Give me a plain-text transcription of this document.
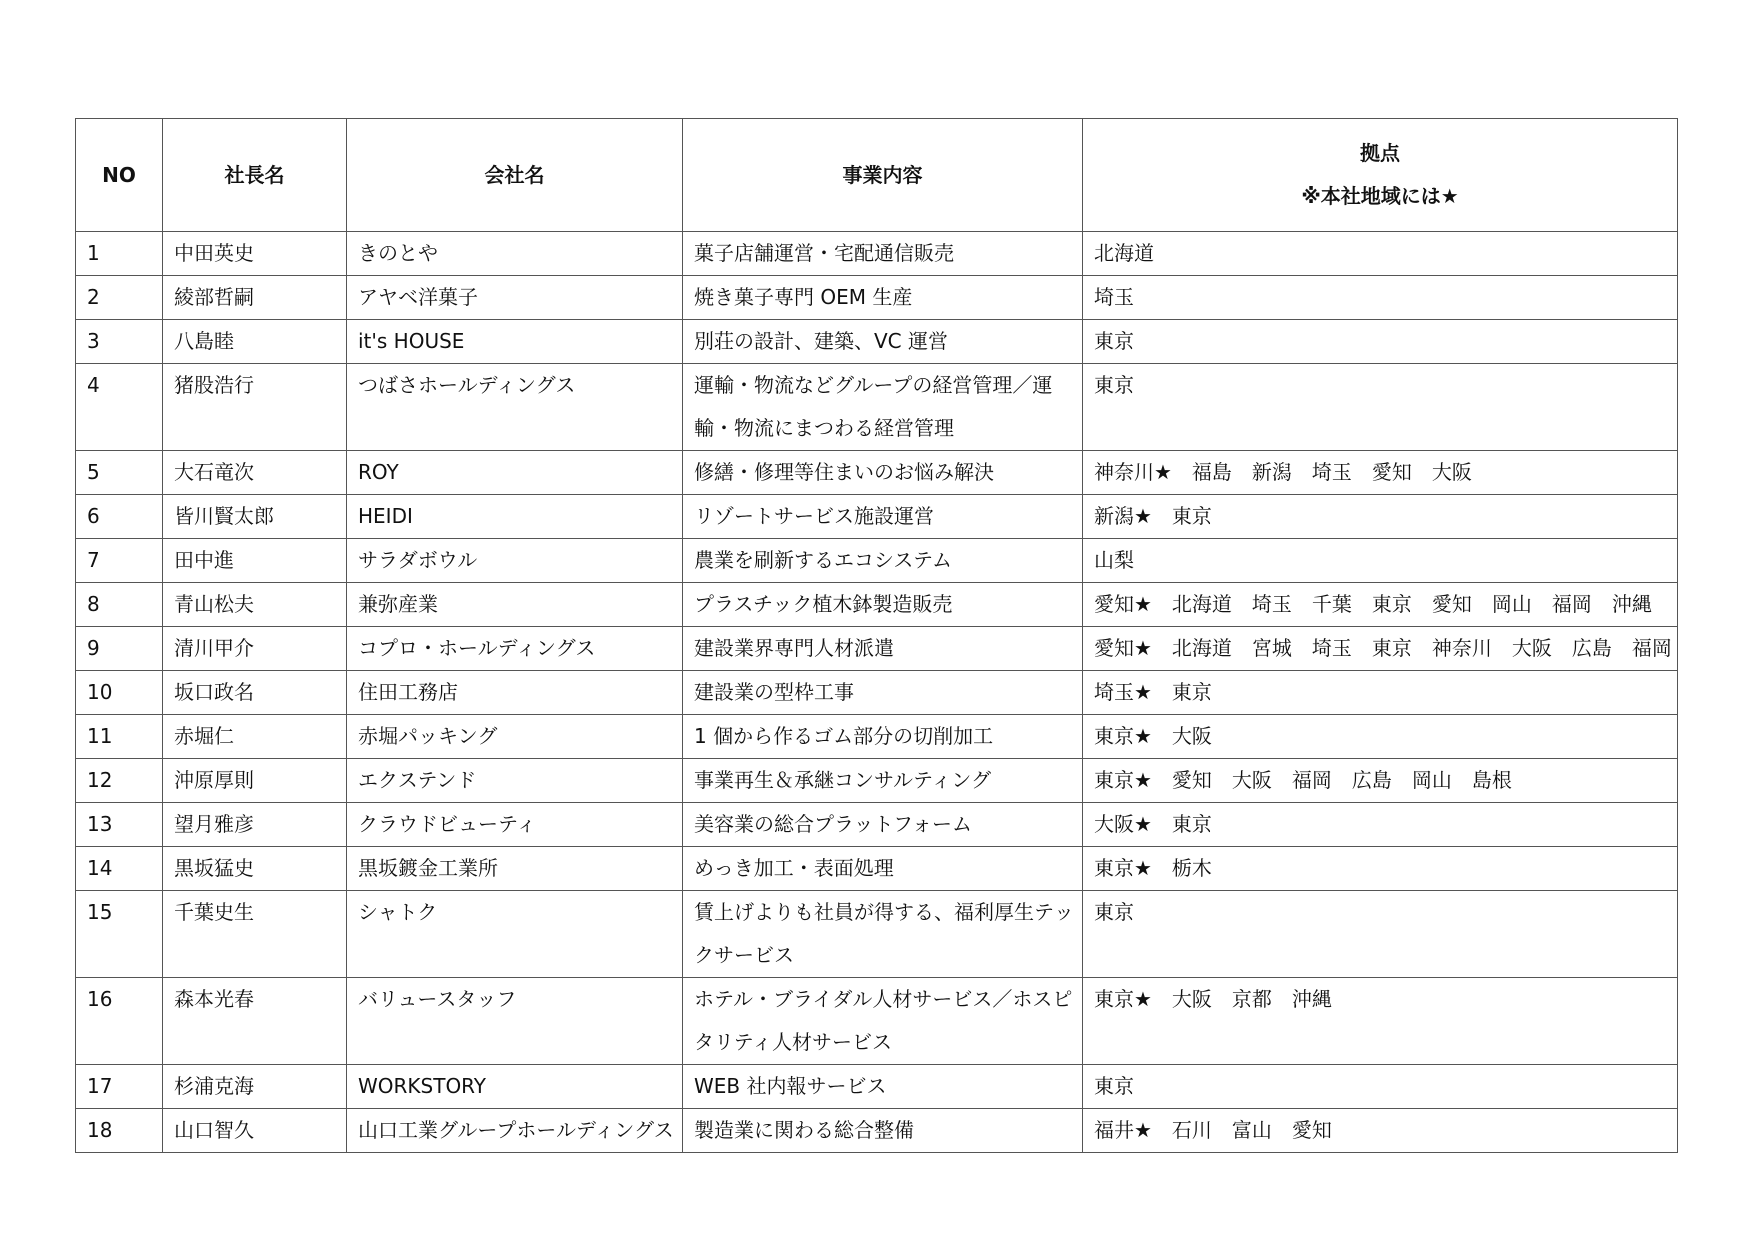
NO	社長名	会社名	事業内容	拠点
※本社地域には★

1	中田英史	きのとや	菓子店舗運営・宅配通信販売	北海道
2	綾部哲嗣	アヤベ洋菓子	焼き菓子専門 OEM 生産	埼玉
3	八島睦	it's HOUSE	別荘の設計、建築、VC 運営	東京
4	猪股浩行	つばさホールディングス	運輸・物流などグループの経営管理／運輸・物流にまつわる経営管理	東京
5	大石竜次	ROY	修繕・修理等住まいのお悩み解決	神奈川★　福島　新潟　埼玉　愛知　大阪
6	皆川賢太郎	HEIDI	リゾートサービス施設運営	新潟★　東京
7	田中進	サラダボウル	農業を刷新するエコシステム	山梨
8	青山松夫	兼弥産業	プラスチック植木鉢製造販売	愛知★　北海道　埼玉　千葉　東京　愛知　岡山　福岡　沖縄
9	清川甲介	コプロ・ホールディングス	建設業界専門人材派遣	愛知★　北海道　宮城　埼玉　東京　神奈川　大阪　広島　福岡
10	坂口政名	住田工務店	建設業の型枠工事	埼玉★　東京
11	赤堀仁	赤堀パッキング	1 個から作るゴム部分の切削加工	東京★　大阪
12	沖原厚則	エクステンド	事業再生＆承継コンサルティング	東京★　愛知　大阪　福岡　広島　岡山　島根
13	望月雅彦	クラウドビューティ	美容業の総合プラットフォーム	大阪★　東京
14	黒坂猛史	黒坂鍍金工業所	めっき加工・表面処理	東京★　栃木
15	千葉史生	シャトク	賃上げよりも社員が得する、福利厚生テックサービス	東京
16	森本光春	バリュースタッフ	ホテル・ブライダル人材サービス／ホスピタリティ人材サービス	東京★　大阪　京都　沖縄
17	杉浦克海	WORKSTORY	WEB 社内報サービス	東京
18	山口智久	山口工業グループホールディングス	製造業に関わる総合整備	福井★　石川　富山　愛知
